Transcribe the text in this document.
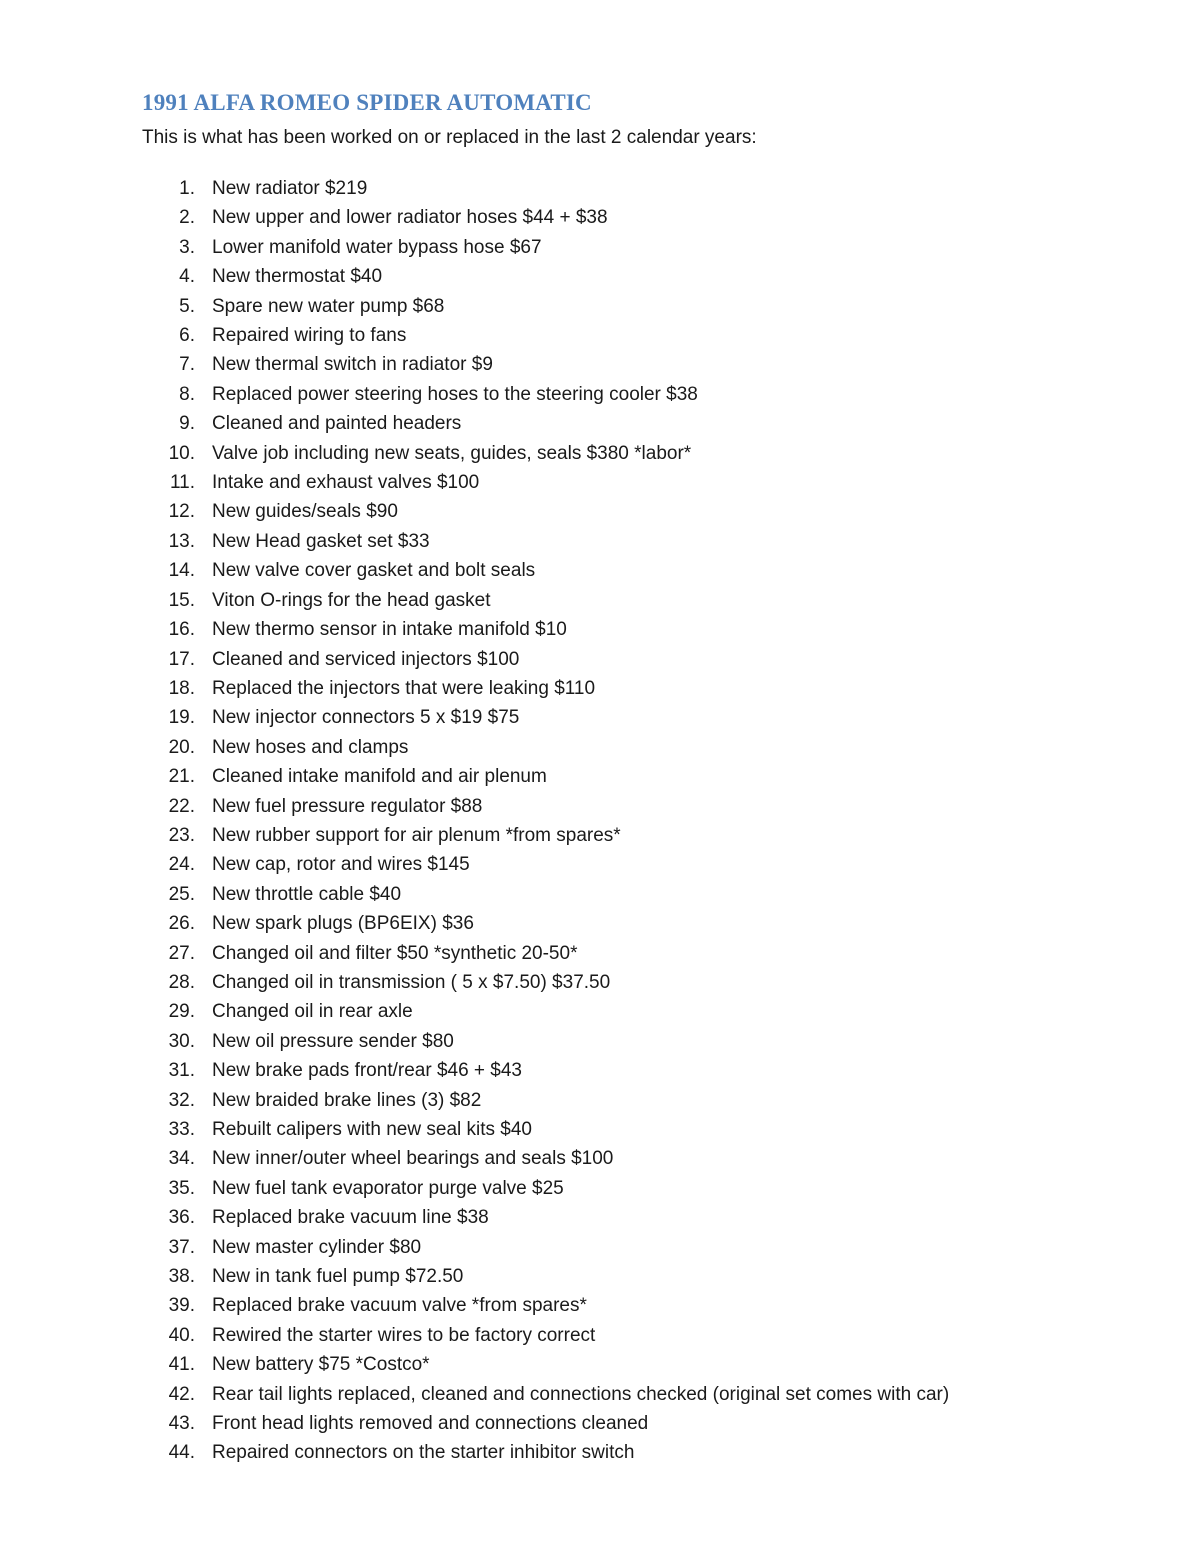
1991 ALFA ROMEO SPIDER AUTOMATIC
This is what has been worked on or replaced in the last 2 calendar years:
1. New radiator $219
2. New upper and lower radiator hoses $44 + $38
3. Lower manifold water bypass hose $67
4. New thermostat $40
5. Spare new water pump $68
6. Repaired wiring to fans
7. New thermal switch in radiator $9
8. Replaced power steering hoses to the steering cooler $38
9. Cleaned and painted headers
10. Valve job including new seats, guides, seals $380 *labor*
11. Intake and exhaust valves $100
12. New guides/seals $90
13. New Head gasket set $33
14. New valve cover gasket and bolt seals
15. Viton O-rings for the head gasket
16. New thermo sensor in intake manifold $10
17. Cleaned and serviced injectors $100
18. Replaced the injectors that were leaking $110
19. New injector connectors 5 x $19 $75
20. New hoses and clamps
21. Cleaned intake manifold and air plenum
22. New fuel pressure regulator $88
23. New rubber support for air plenum *from spares*
24. New cap, rotor and wires $145
25. New throttle cable $40
26. New spark plugs (BP6EIX) $36
27. Changed oil and filter $50 *synthetic 20-50*
28. Changed oil in transmission ( 5 x $7.50) $37.50
29. Changed oil in rear axle
30. New oil pressure sender $80
31. New brake pads front/rear $46 + $43
32. New braided brake lines (3) $82
33. Rebuilt calipers with new seal kits $40
34. New inner/outer wheel bearings and seals $100
35. New fuel tank evaporator purge valve $25
36. Replaced brake vacuum line $38
37. New master cylinder $80
38. New in tank fuel pump $72.50
39. Replaced brake vacuum valve *from spares*
40. Rewired the starter wires to be factory correct
41. New battery $75 *Costco*
42. Rear tail lights replaced, cleaned and connections checked (original set comes with car)
43. Front head lights removed and connections cleaned
44. Repaired connectors on the starter inhibitor switch
